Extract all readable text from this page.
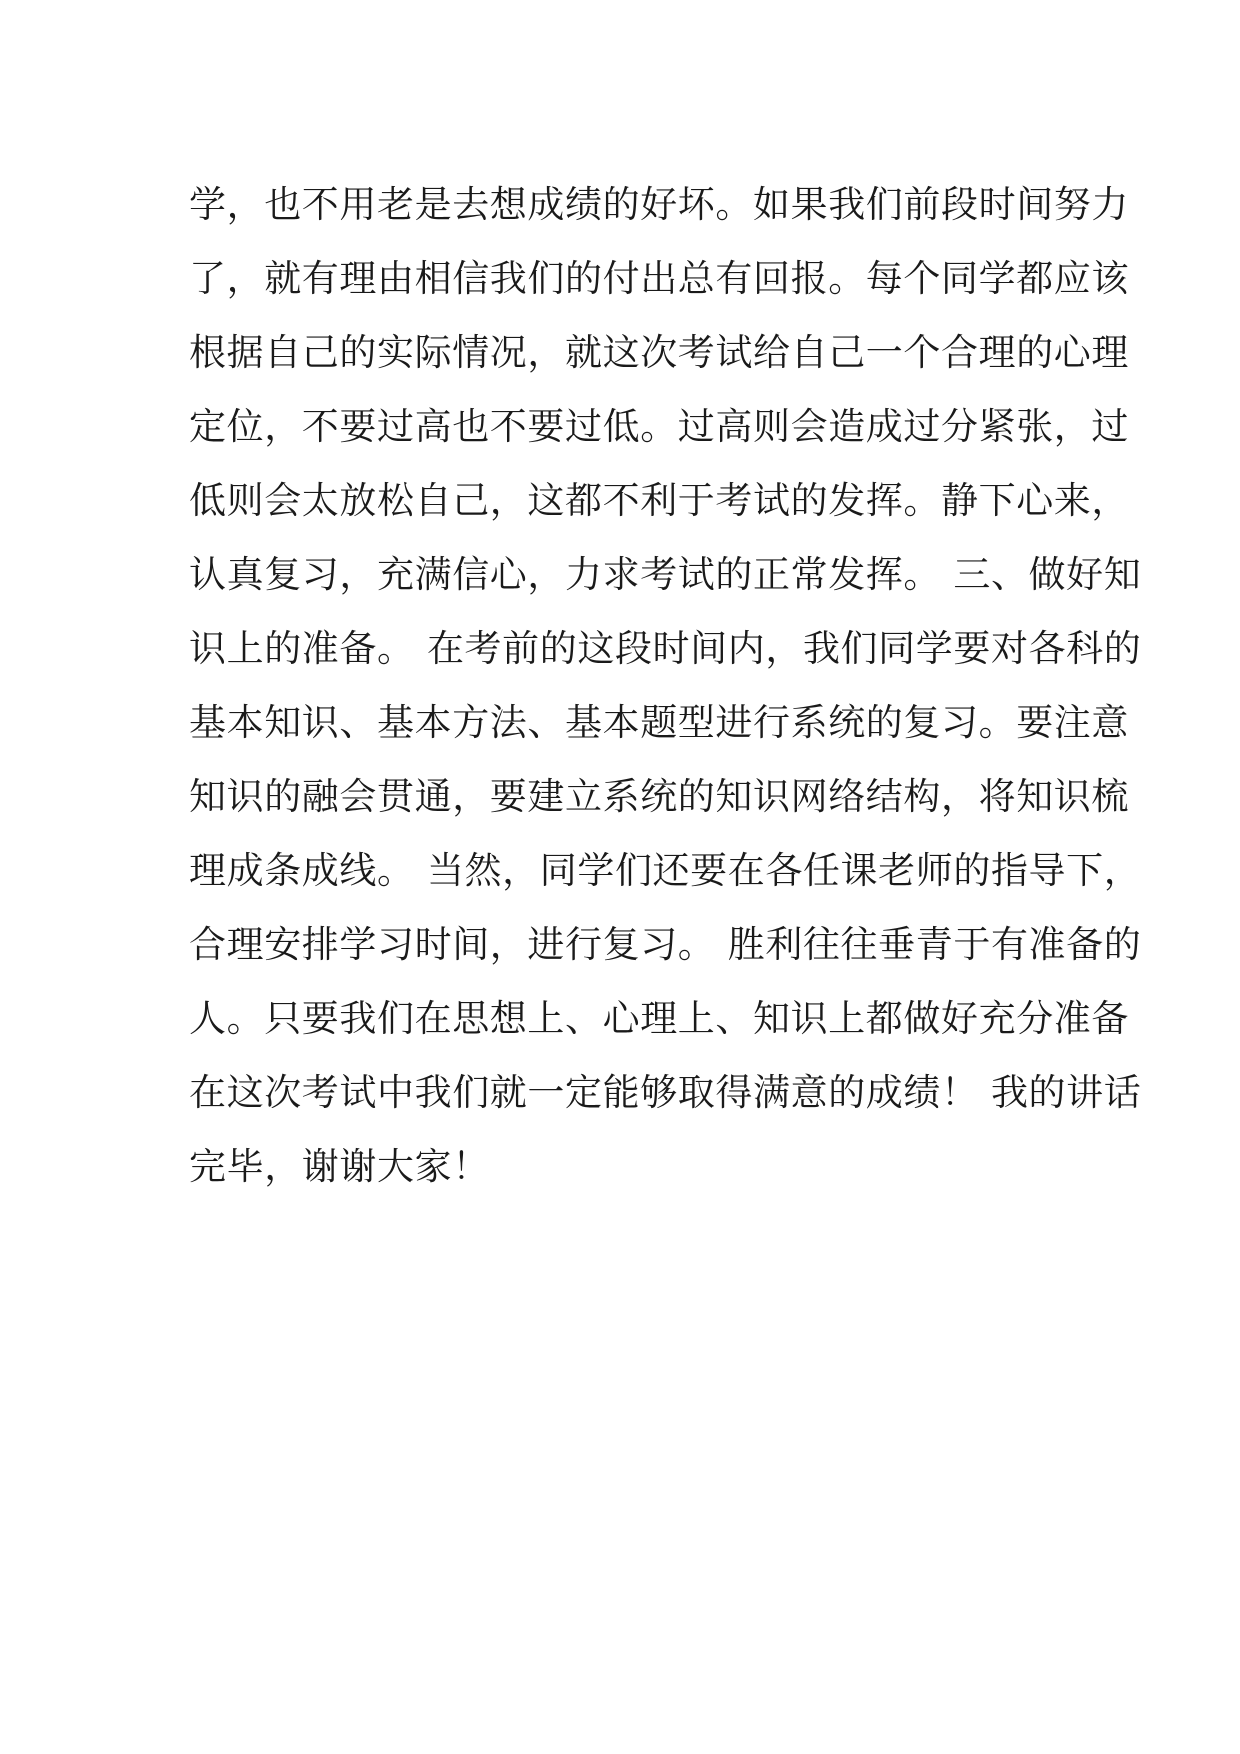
学，也不用老是去想成绩的好坏。如果我们前段时间努力
了，就有理由相信我们的付出总有回报。每个同学都应该
根据自己的实际情况，就这次考试给自己一个合理的心理
定位，不要过高也不要过低。过高则会造成过分紧张，过
低则会太放松自己，这都不利于考试的发挥。静下心来，
认真复习，充满信心，力求考试的正常发挥。 三、做好知
识上的准备。 在考前的这段时间内，我们同学要对各科的
基本知识、基本方法、基本题型进行系统的复习。要注意
知识的融会贯通，要建立系统的知识网络结构，将知识梳
理成条成线。 当然，同学们还要在各任课老师的指导下，
合理安排学习时间，进行复习。 胜利往往垂青于有准备的
人。只要我们在思想上、心理上、知识上都做好充分准备
在这次考试中我们就一定能够取得满意的成绩！ 我的讲话
完毕，谢谢大家！
